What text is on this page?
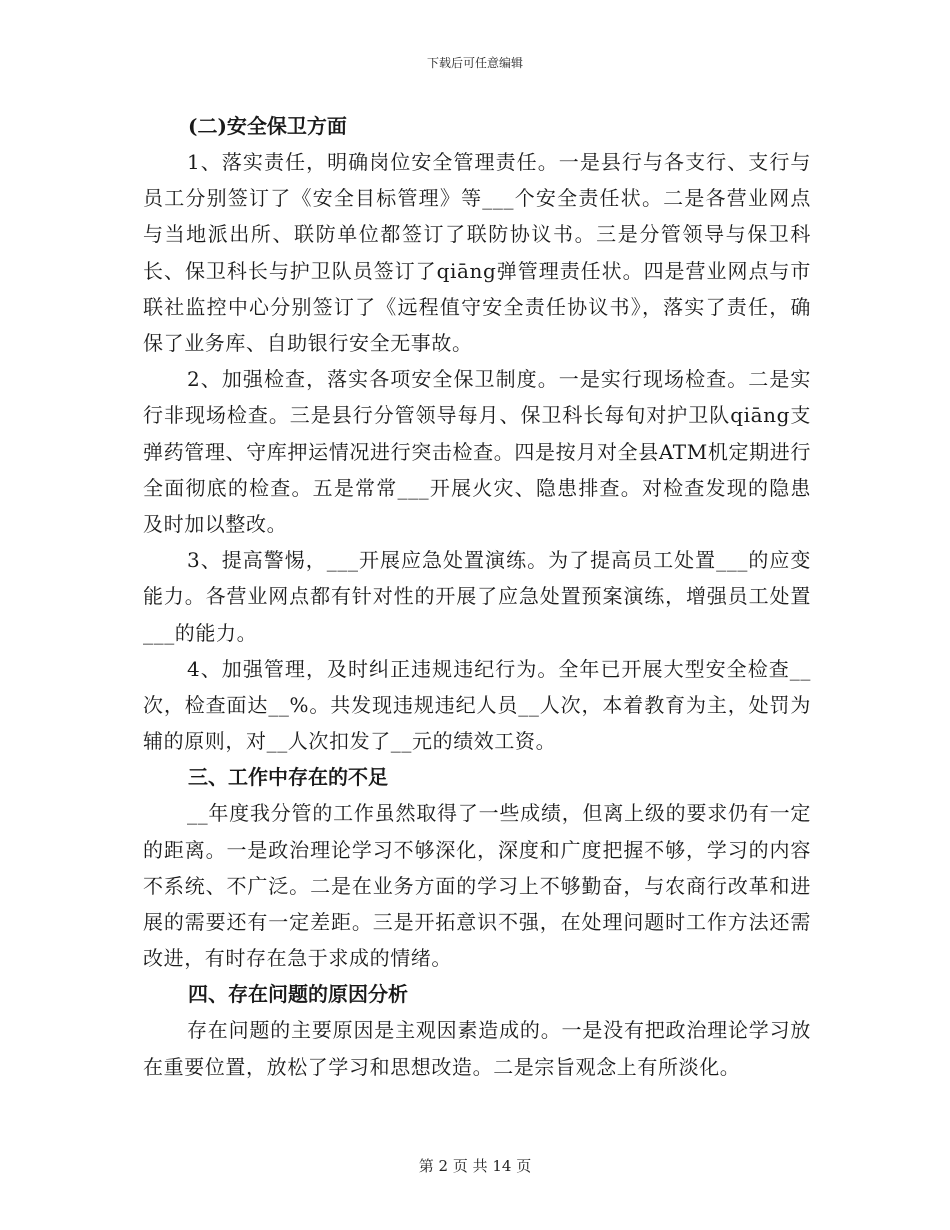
下载后可任意编辑

(二)安全保卫方面

1、落实责任，明确岗位安全管理责任。一是县行与各支行、支行与员工分别签订了《安全目标管理》等___个安全责任状。二是各营业网点与当地派出所、联防单位都签订了联防协议书。三是分管领导与保卫科长、保卫科长与护卫队员签订了qiāng弹管理责任状。四是营业网点与市联社监控中心分别签订了《远程值守安全责任协议书》，落实了责任，确保了业务库、自助银行安全无事故。

2、加强检查，落实各项安全保卫制度。一是实行现场检查。二是实行非现场检查。三是县行分管领导每月、保卫科长每旬对护卫队qiāng支弹药管理、守库押运情况进行突击检查。四是按月对全县ATM机定期进行全面彻底的检查。五是常常___开展火灾、隐患排查。对检查发现的隐患及时加以整改。

3、提高警惕，___开展应急处置演练。为了提高员工处置___的应变能力。各营业网点都有针对性的开展了应急处置预案演练，增强员工处置___的能力。

4、加强管理，及时纠正违规违纪行为。全年已开展大型安全检查__次，检查面达__%。共发现违规违纪人员__人次，本着教育为主，处罚为辅的原则，对__人次扣发了__元的绩效工资。

三、工作中存在的不足

__年度我分管的工作虽然取得了一些成绩，但离上级的要求仍有一定的距离。一是政治理论学习不够深化，深度和广度把握不够，学习的内容不系统、不广泛。二是在业务方面的学习上不够勤奋，与农商行改革和进展的需要还有一定差距。三是开拓意识不强，在处理问题时工作方法还需改进，有时存在急于求成的情绪。

四、存在问题的原因分析

存在问题的主要原因是主观因素造成的。一是没有把政治理论学习放在重要位置，放松了学习和思想改造。二是宗旨观念上有所淡化。

第 2 页 共 14 页
